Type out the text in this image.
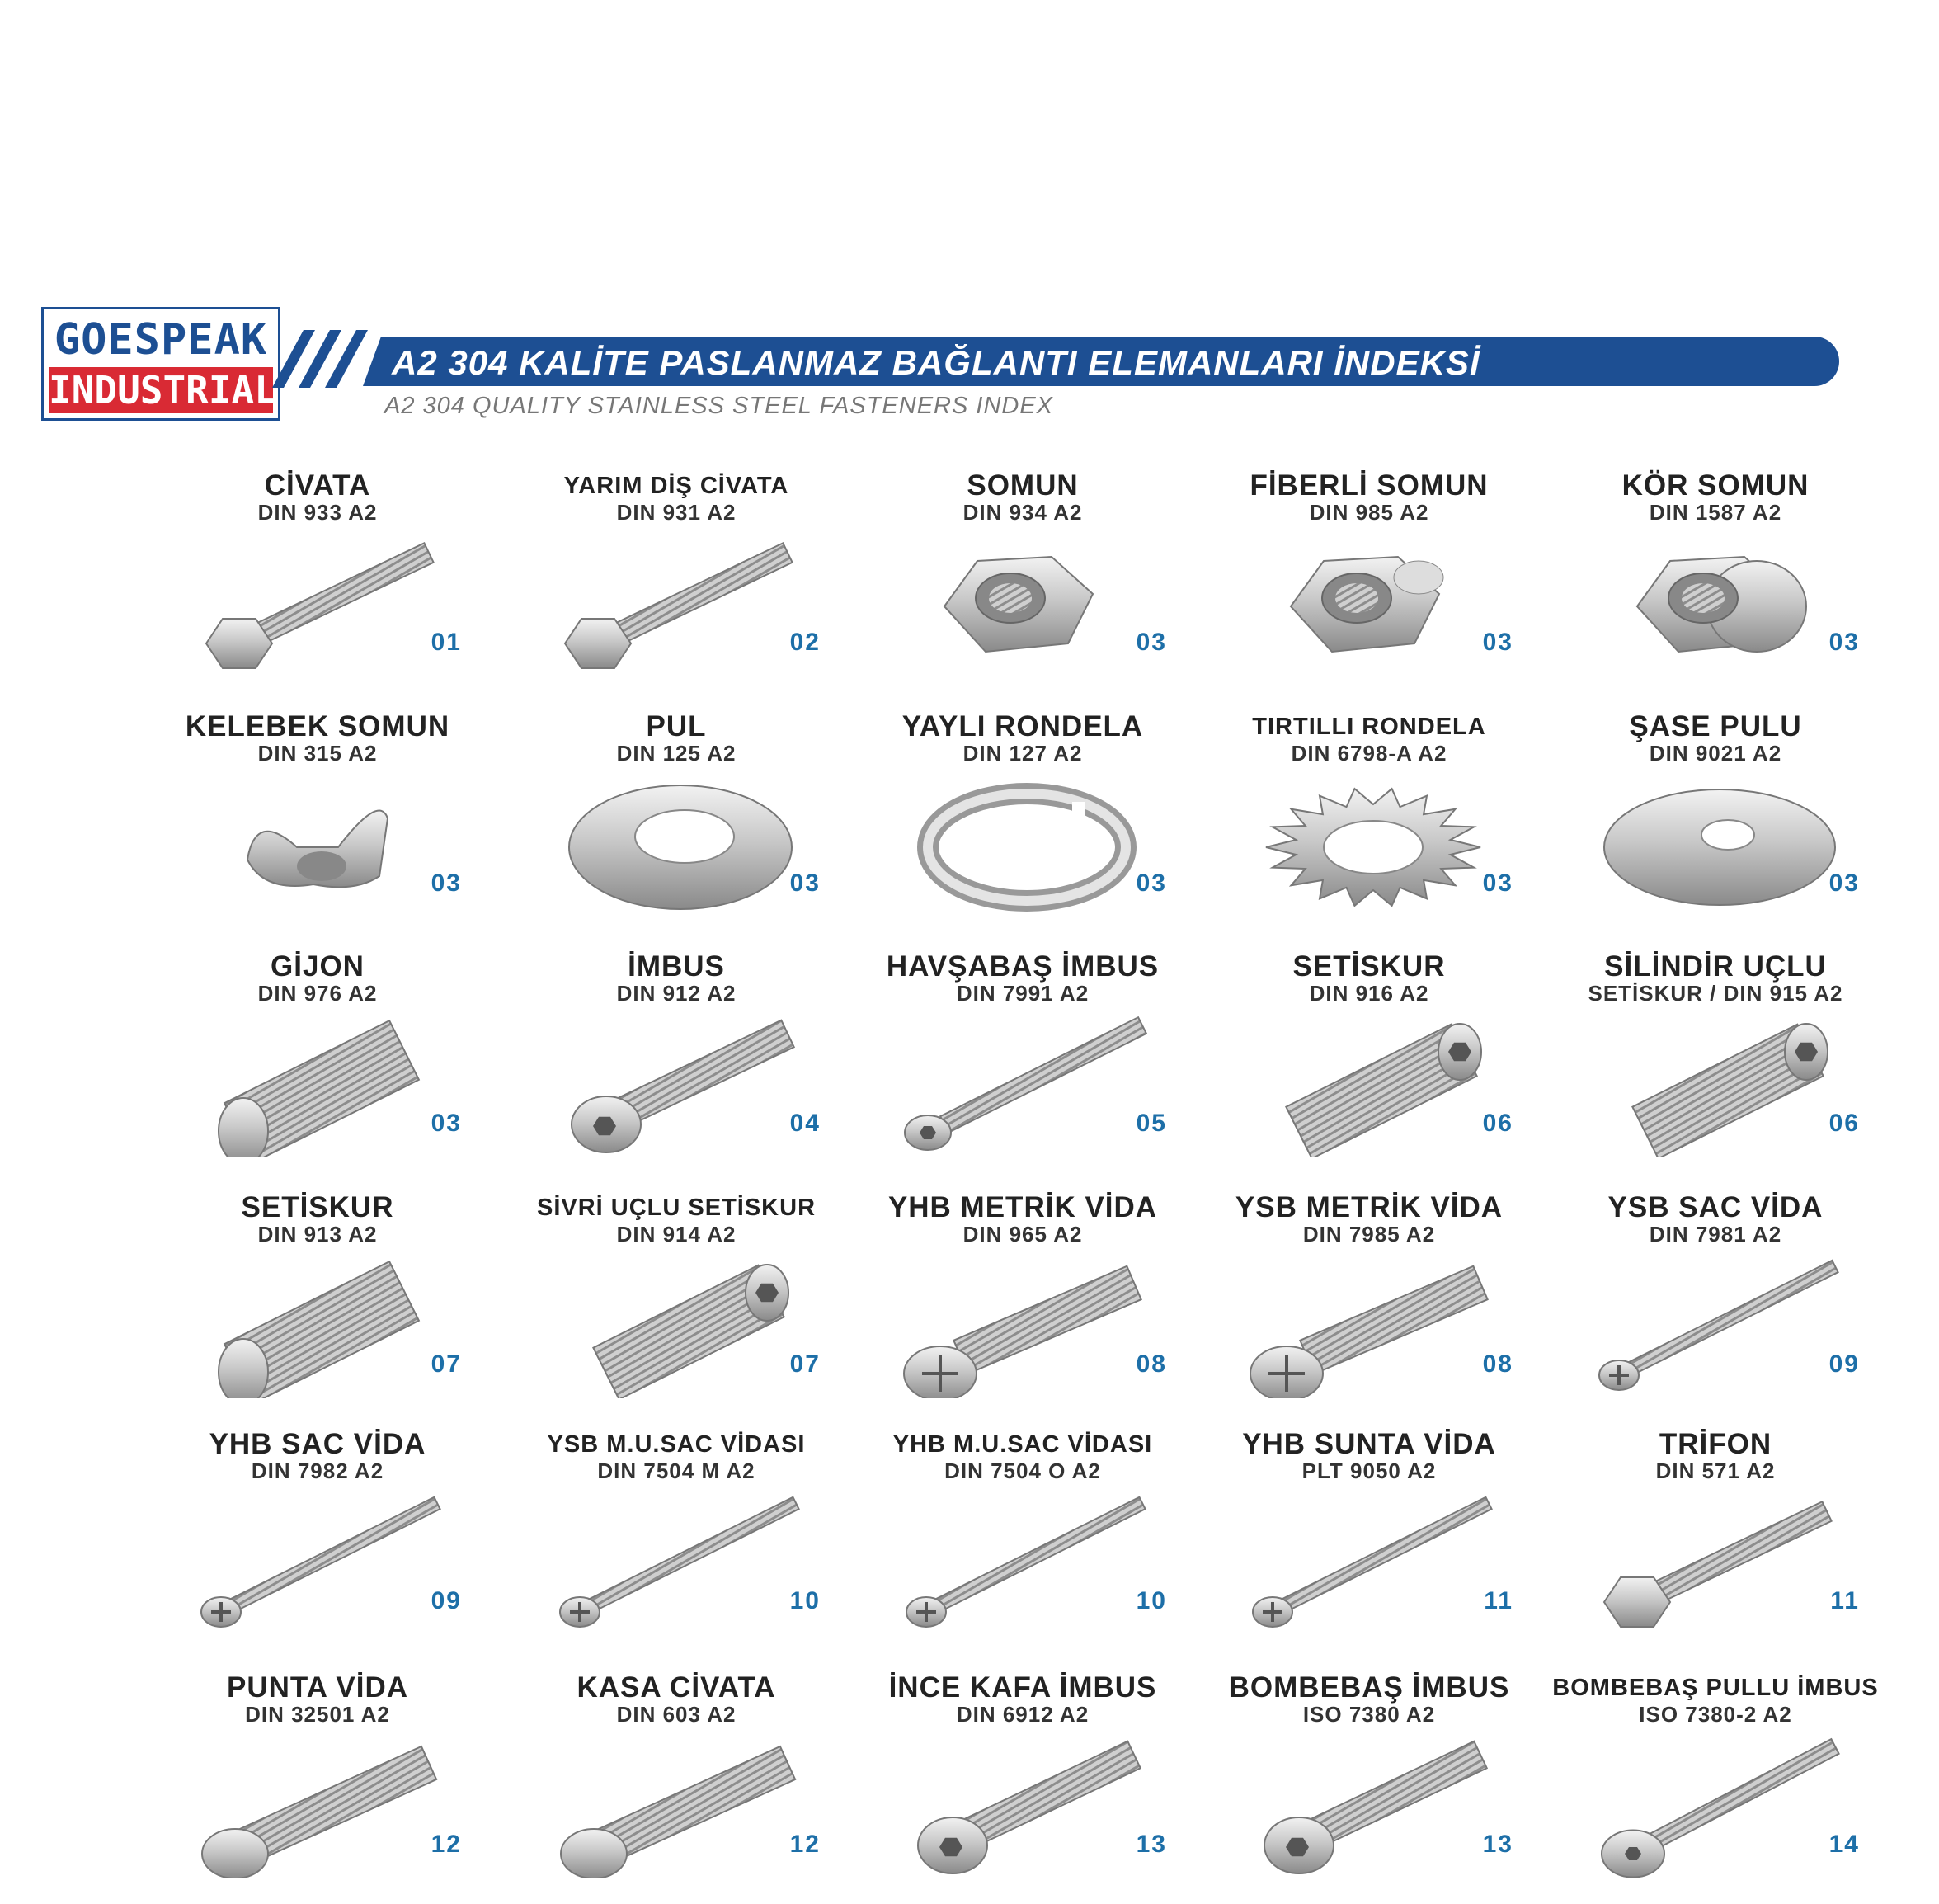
GOESPEAK
INDUSTRIAL
A2 304 KALİTE PASLANMAZ BAĞLANTI ELEMANLARI İNDEKSİ
A2 304 QUALITY STAINLESS STEEL FASTENERS INDEX
CİVATA
DIN 933 A2
01
YARIM DİŞ CİVATA
DIN 931 A2
02
SOMUN
DIN 934 A2
03
FİBERLİ SOMUN
DIN 985 A2
03
KÖR SOMUN
DIN 1587 A2
03
KELEBEK SOMUN
DIN 315 A2
03
PUL
DIN 125 A2
03
YAYLI RONDELA
DIN 127 A2
03
TIRTILLI RONDELA
DIN 6798-A A2
03
ŞASE PULU
DIN 9021 A2
03
GİJON
DIN 976 A2
03
İMBUS
DIN 912 A2
04
HAVŞABAŞ İMBUS
DIN 7991 A2
05
SETİSKUR
DIN 916 A2
06
SİLİNDİR UÇLU
SETİSKUR / DIN 915 A2
06
SETİSKUR
DIN 913 A2
07
SİVRİ UÇLU SETİSKUR
DIN 914 A2
07
YHB METRİK VİDA
DIN 965 A2
08
YSB METRİK VİDA
DIN 7985 A2
08
YSB SAC VİDA
DIN 7981 A2
09
YHB SAC VİDA
DIN 7982 A2
09
YSB M.U.SAC VİDASI
DIN 7504 M A2
10
YHB M.U.SAC VİDASI
DIN 7504 O A2
10
YHB SUNTA VİDA
PLT 9050 A2
11
TRİFON
DIN 571 A2
11
PUNTA VİDA
DIN 32501 A2
12
KASA CİVATA
DIN 603 A2
12
İNCE KAFA İMBUS
DIN 6912 A2
13
BOMBEBAŞ İMBUS
ISO 7380 A2
13
BOMBEBAŞ PULLU İMBUS
ISO 7380-2 A2
14
